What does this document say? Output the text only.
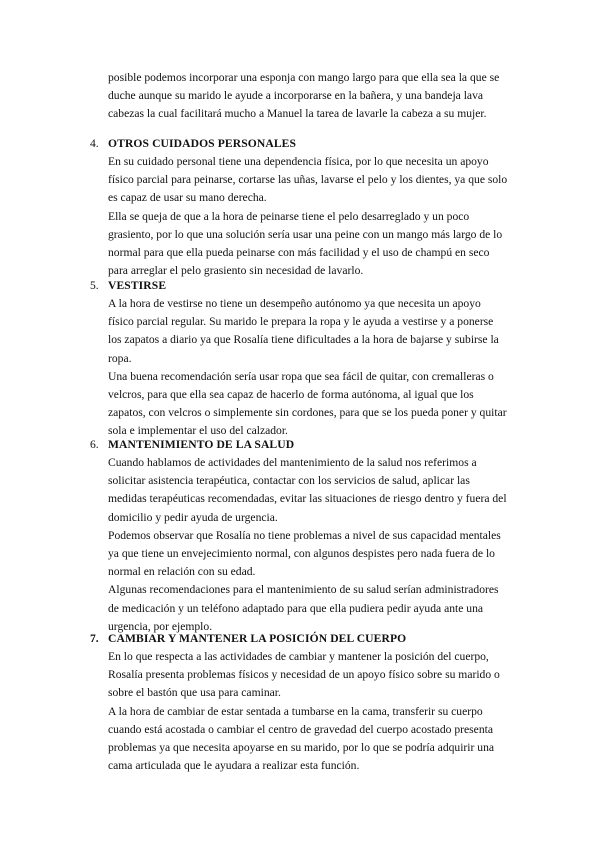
posible podemos incorporar una esponja con mango largo para que ella sea la que se
duche aunque su marido le ayude a incorporarse en la bañera, y una bandeja lava
cabezas la cual facilitará mucho a Manuel la tarea de lavarle la cabeza a su mujer.
4. OTROS CUIDADOS PERSONALES

En su cuidado personal tiene una dependencia física, por lo que necesita un apoyo
físico parcial para peinarse, cortarse las uñas, lavarse el pelo y los dientes, ya que solo
es capaz de usar su mano derecha.

Ella se queja de que a la hora de peinarse tiene el pelo desarreglado y un poco
grasiento, por lo que una solución sería usar una peine con un mango más largo de lo
normal para que ella pueda peinarse con más facilidad y el uso de champú en seco
para arreglar el pelo grasiento sin necesidad de lavarlo.

5. VESTIRSE

A la hora de vestirse no tiene un desempeño autónomo ya que necesita un apoyo
físico parcial regular. Su marido le prepara la ropa y le ayuda a vestirse y a ponerse
los zapatos a diario ya que Rosalía tiene dificultades a la hora de bajarse y subirse la
ropa.

Una buena recomendación sería usar ropa que sea fácil de quitar, con cremalleras o
velcros, para que ella sea capaz de hacerlo de forma autónoma, al igual que los
zapatos, con velcros o simplemente sin cordones, para que se los pueda poner y quitar
sola e implementar el uso del calzador.

6. MANTENIMIENTO DE LA SALUD

Cuando hablamos de actividades del mantenimiento de la salud nos referimos a
solicitar asistencia terapéutica, contactar con los servicios de salud, aplicar las
medidas terapéuticas recomendadas, evitar las situaciones de riesgo dentro y fuera del
domicilio y pedir ayuda de urgencia.

Podemos observar que Rosalía no tiene problemas a nivel de sus capacidad mentales
ya que tiene un envejecimiento normal, con algunos despistes pero nada fuera de lo
normal en relación con su edad.

Algunas recomendaciones para el mantenimiento de su salud serían administradores
de medicación y un teléfono adaptado para que ella pudiera pedir ayuda ante una
urgencia, por ejemplo.

7. CAMBIAR Y MANTENER LA POSICIÓN DEL CUERPO

En lo que respecta a las actividades de cambiar y mantener la posición del cuerpo,
Rosalía presenta problemas físicos y necesidad de un apoyo físico sobre su marido o
sobre el bastón que usa para caminar.

A la hora de cambiar de estar sentada a tumbarse en la cama, transferir su cuerpo
cuando está acostada o cambiar el centro de gravedad del cuerpo acostado presenta
problemas ya que necesita apoyarse en su marido, por lo que se podría adquirir una
cama articulada que le ayudara a realizar esta función.
